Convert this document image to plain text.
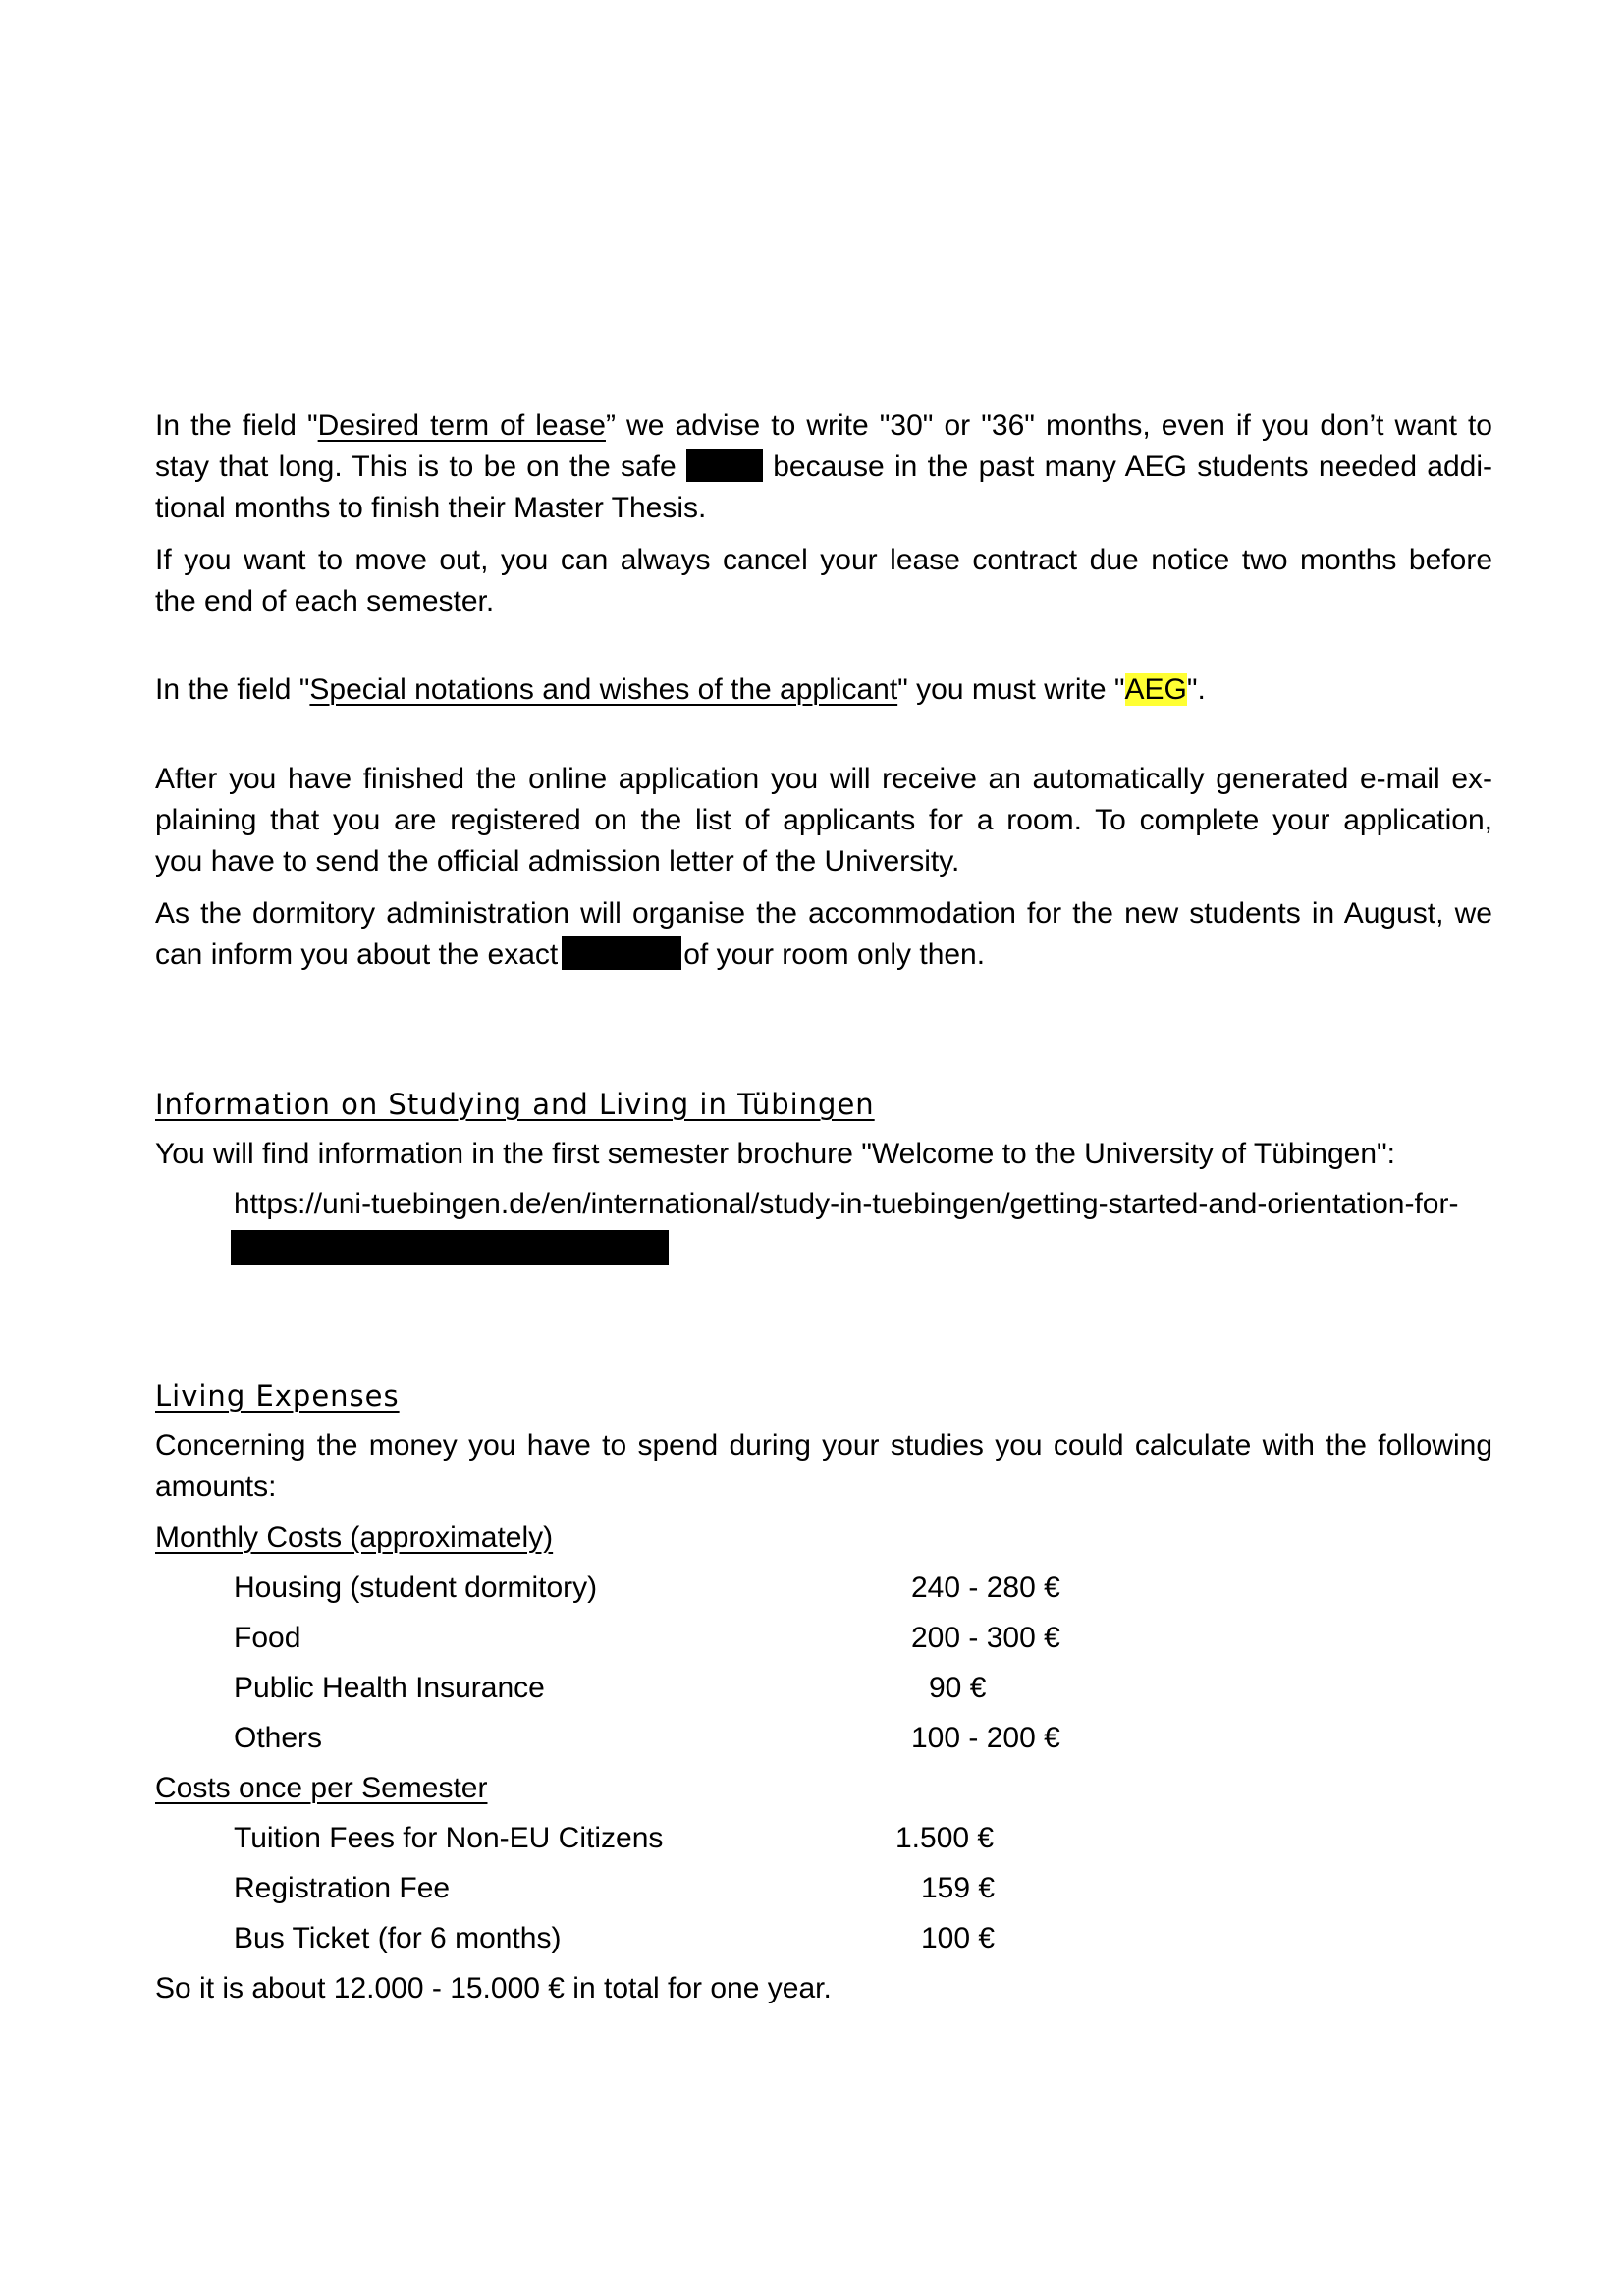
In the field "Desired term of lease” we advise to write "30" or "36" months, even if you don’t want to
stay that long. This is to be on the safe	because in the past many AEG students needed addi-
tional months to finish their Master Thesis.
If you want to move out, you can always cancel your lease contract due notice two months before
the end of each semester.
In the field "Special notations and wishes of the applicant" you must write "AEG".
After you have finished the online application you will receive an automatically generated e-mail ex-
plaining that you are registered on the list of applicants for a room. To complete your application,
you have to send the official admission letter of the University.
As the dormitory administration will organise the accommodation for the new students in August, we
can inform you about the exact	of your room only then.
Information on Studying and Living in Tübingen
You will find information in the first semester brochure "Welcome to the University of Tübingen":
https://uni-tuebingen.de/en/international/study-in-tuebingen/getting-started-and-orientation-for-
Living Expenses
Concerning the money you have to spend during your studies you could calculate with the following
amounts:
Monthly Costs (approximately)
Housing (student dormitory)	240 - 280 €
Food	200 - 300 €
Public Health Insurance	90 €
Others	100 - 200 €
Costs once per Semester
Tuition Fees for Non-EU Citizens	1.500 €
Registration Fee	159 €
Bus Ticket (for 6 months)	100 €
So it is about 12.000 - 15.000 € in total for one year.
